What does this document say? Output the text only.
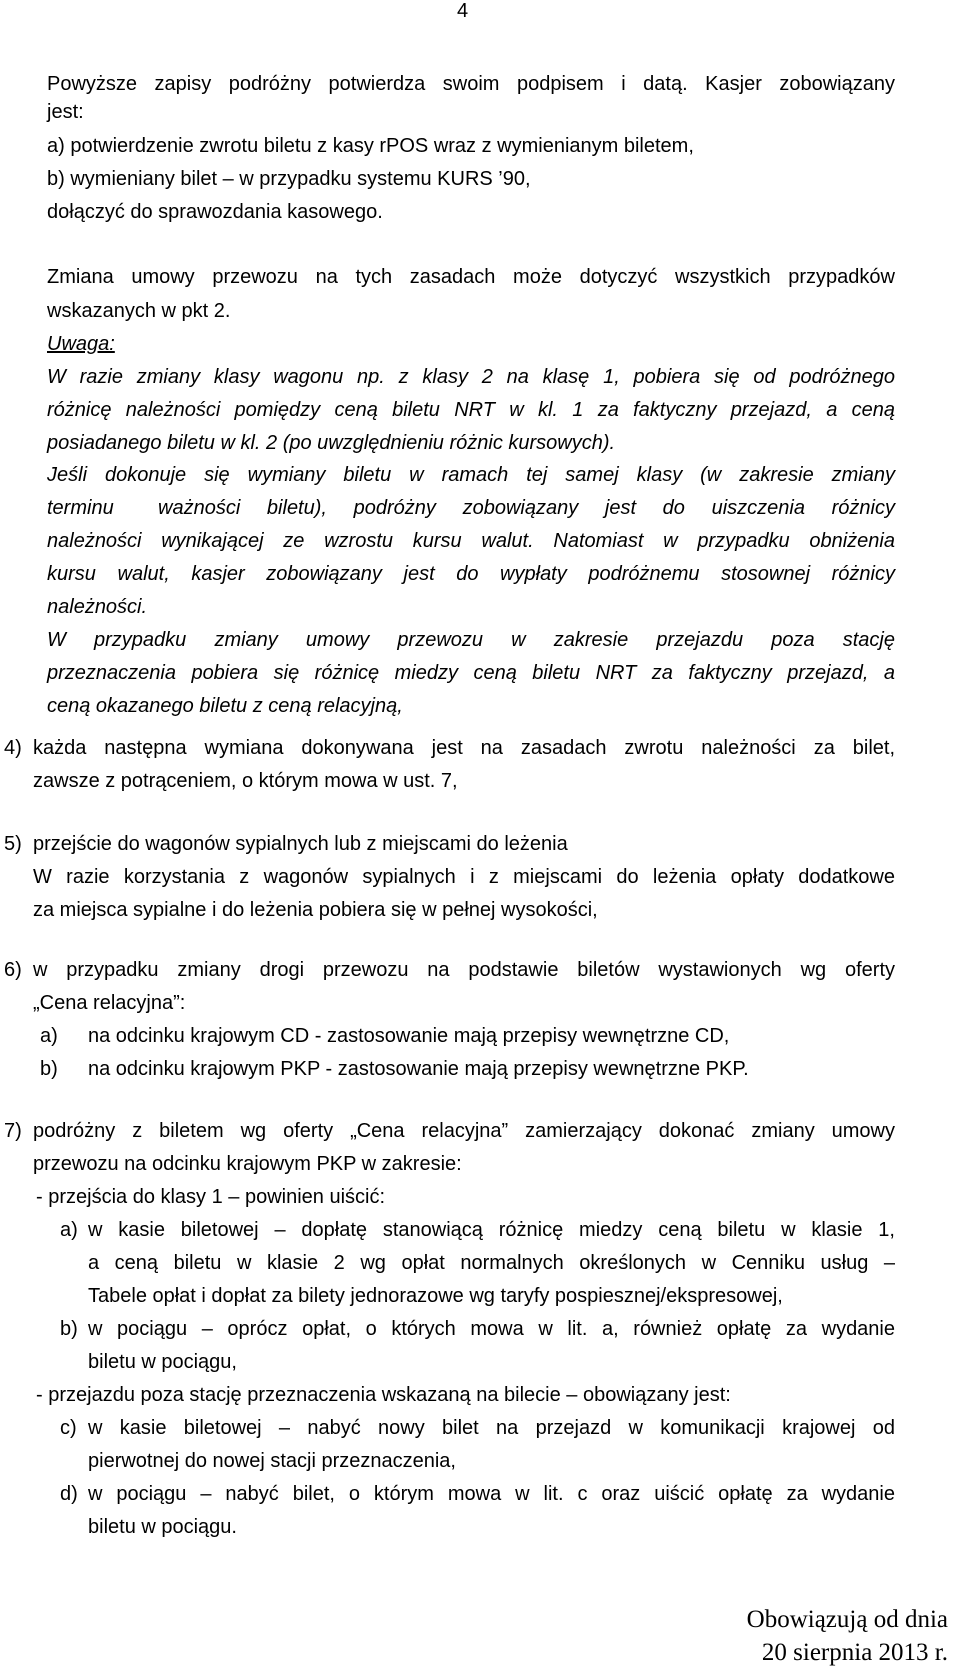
4
Powyższe zapisy podróżny potwierdza swoim podpisem i datą. Kasjer zobowiązany
jest:
a) potwierdzenie zwrotu biletu z kasy rPOS wraz z wymienianym biletem,
b) wymieniany bilet – w przypadku systemu KURS ’90,
dołączyć do sprawozdania kasowego.
Zmiana umowy przewozu na tych zasadach może dotyczyć wszystkich przypadków
wskazanych w pkt 2.
Uwaga:
W razie zmiany klasy wagonu np. z klasy 2 na klasę 1, pobiera się od podróżnego
różnicę należności pomiędzy ceną biletu NRT w kl. 1 za faktyczny przejazd, a ceną
posiadanego biletu w kl. 2 (po uwzględnieniu różnic kursowych).
Jeśli dokonuje się wymiany biletu w ramach tej samej klasy (w zakresie zmiany
terminu ważności biletu), podróżny zobowiązany jest do uiszczenia różnicy
należności wynikającej ze wzrostu kursu walut. Natomiast w przypadku obniżenia
kursu walut, kasjer zobowiązany jest do wypłaty podróżnemu stosownej różnicy
należności.
W przypadku zmiany umowy przewozu w zakresie przejazdu poza stację
przeznaczenia pobiera się różnicę miedzy ceną biletu NRT za faktyczny przejazd, a
ceną okazanego biletu z ceną relacyjną,
4) każda następna wymiana dokonywana jest na zasadach zwrotu należności za bilet,
zawsze z potrąceniem, o którym mowa w ust. 7,
5) przejście do wagonów sypialnych lub z miejscami do leżenia
W razie korzystania z wagonów sypialnych i z miejscami do leżenia opłaty dodatkowe
za miejsca sypialne i do leżenia pobiera się w pełnej wysokości,
6) w przypadku zmiany drogi przewozu na podstawie biletów wystawionych wg oferty
„Cena relacyjna”:
a) na odcinku krajowym CD - zastosowanie mają przepisy wewnętrzne CD,
b) na odcinku krajowym PKP - zastosowanie mają przepisy wewnętrzne PKP.
7) podróżny z biletem wg oferty „Cena relacyjna” zamierzający dokonać zmiany umowy
przewozu na odcinku krajowym PKP w zakresie:
- przejścia do klasy 1 – powinien uiścić:
a) w kasie biletowej – dopłatę stanowiącą różnicę miedzy ceną biletu w klasie 1,
a ceną biletu w klasie 2 wg opłat normalnych określonych w Cenniku usług –
Tabele opłat i dopłat za bilety jednorazowe wg taryfy pospiesznej/ekspresowej,
b) w pociągu – oprócz opłat, o których mowa w lit. a, również opłatę za wydanie
biletu w pociągu,
- przejazdu poza stację przeznaczenia wskazaną na bilecie – obowiązany jest:
c) w kasie biletowej – nabyć nowy bilet na przejazd w komunikacji krajowej od
pierwotnej do nowej stacji przeznaczenia,
d) w pociągu – nabyć bilet, o którym mowa w lit. c oraz uiścić opłatę za wydanie
biletu w pociągu.
Obowiązują od dnia
20 sierpnia 2013 r.
